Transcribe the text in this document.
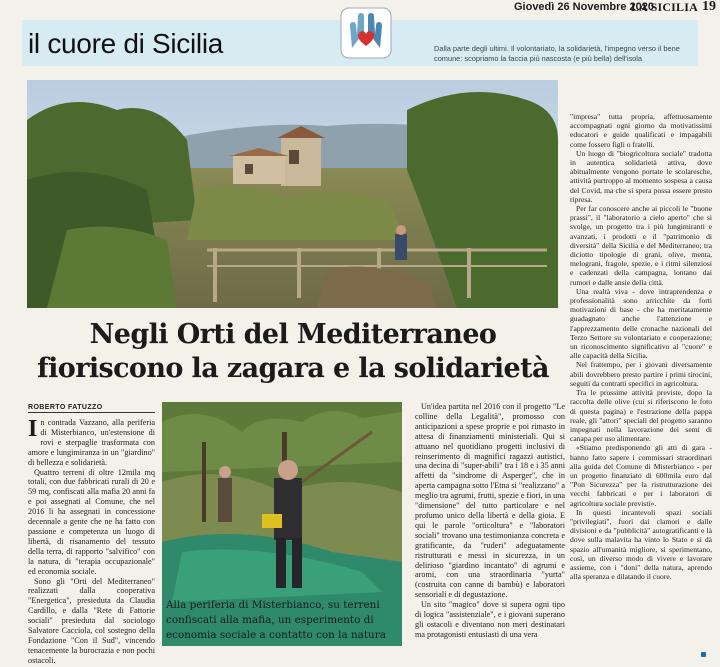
Giovedì 26 Novembre 2020
LA SICILIA 19
il cuore di Sicilia	Dalla parte degli ultimi. Il volontariato, la solidarietà, l'impegno verso il bene comune: scopriamo la faccia più nascosta (e più bella) dell'isola
Negli Orti del Mediterraneo
fioriscono la zagara e la solidarietà
ROBERTO FATUZZO

In contrada Vazzano, alla periferia di Misterbianco, un'estensione di rovi e sterpaglie trasformata con amore e lungimiranza in un "giardino" di bellezza e solidarietà.

Quattro terreni di oltre 12mila mq totali, con due fabbricati rurali di 20 e 59 mq, confiscati alla mafia 20 anni fa e poi assegnati al Comune, che nel 2016 li ha assegnati in concessione decennale a gente che ne ha fatto con passione e competenza un luogo di libertà, di risanamento del tessuto della terra, di rapporto "salvifico" con la natura, di "terapia occupazionale" ed economia sociale.

Sono gli "Orti del Mediterraneo" realizzati dalla cooperativa "Energetica", presieduta da Claudia Cardillo, e dalla "Rete di Fattorie sociali" presieduta dal sociologo Salvatore Cacciola, col sostegno della Fondazione "Con il Sud", vincendo tenacemente la burocrazia e non pochi ostacoli.

Alla periferia di Misterbianco, su terreni confiscati alla mafia, un esperimento di economia sociale a contatto con la natura

Un'idea partita nel 2016 con il progetto "Le colline della Legalità", promosso con anticipazioni a spese proprie e poi rimasto in attesa di finanziamenti ministeriali. Qui si attuano nel quotidiano progetti inclusivi di reinserimento di magnifici ragazzi autistici, una decina di "super-abili" tra i 18 e i 35 anni affetti da "sindrome di Asperger", che in aperta campagna sotto l'Etna si "realizzano" a meglio tra agrumi, frutti, spezie e fiori, in una "dimensione" del tutto particolare e nel profumo unico della libertà e della gioia. E qui le parole "orticoltura" e "laboratori sociali" trovano una testimonianza concreta e gratificante, da "ruderi" adeguatamente ristrutturati e messi in sicurezza, in un delirioso "giardino incantato" di agrumi e aromi, con una straordinaria "yurta" (costruita con canne di bambù) e laboratori sensoriali e di degustazione.

Un sito "magico" dove si supera ogni tipo di logica "assistenziale", e i giovani superano gli ostacoli e diventano non meri destinatari ma protagonisti entusiasti di una vera

"impresa" tutta propria, affettuosamente accompagnati ogni giorno da motivatissimi educatori e guide qualificati e impagabili come fossero figli o fratelli.

Un luogo di "biogricoltura sociale" tradotta in autentica solidarietà attiva, dove abitualmente vengono portate le scolaresche, attività purtroppo al momento sospesa a causa del Covid, ma che si spera possa essere presto ripresa.

Per far conoscere anche ai piccoli le "buone prassi", il "laboratorio a cielo aperto" che si svolge, un progetto tra i più lungimiranti e avanzati, i prodotti e il "patrimonio di diversità" della Sicilia e del Mediterraneo; tra diciotto tipologie di grani, olive, menta, melograni, fragole, spezie, e i ritmi silenziosi e cadenzati della campagna, lontano dai rumori e dalle ansie della città.

Una realtà viva - dove intraprendenza e professionalità sono arricchite da forti motivazioni di base - che ha meritatamente guadagnato anche l'attenzione e l'apprezzamento delle cronache nazionali del Terzo Settore su volontariato e cooperazione; un riconoscimento significativo al "cuore" e alle capacità della Sicilia.

Nel frattempo, per i giovani diversamente abili dovrebbero presto partire i primi tirocini, seguiti da contratti specifici in agricoltura.

Tra le prossime attività previste, dopo la raccolta delle olive (cui si riferiscono le foto di questa pagina) e l'estrazione della pappa reale, gli "attori" speciali del progetto saranno impegnati nella lavorazione dei semi di canapa per uso alimentare.

«Stiamo predisponendo gli atti di gara - hanno fatto sapere i commissari straordinari alla guida del Comune di Misterbianco - per un progetto finanziato di 600mila euro dal "Pon Sicurezza" per la ristrutturazione dei vecchi fabbricati e per i laboratori di agricoltura sociale previsti».

In questi incantevoli spazi sociali "privilegiati", fuori dai clamori e dalle divisioni e da "pubblicità" autogratificanti e là dove sulla malavita ha vinto lo Stato e si dà spazio all'umanità migliore, si sperimentano, così, un diverso modo di vivere e lavorare assieme, con i "doni" della natura, aprendo alla speranza e dilatando il cuore.
